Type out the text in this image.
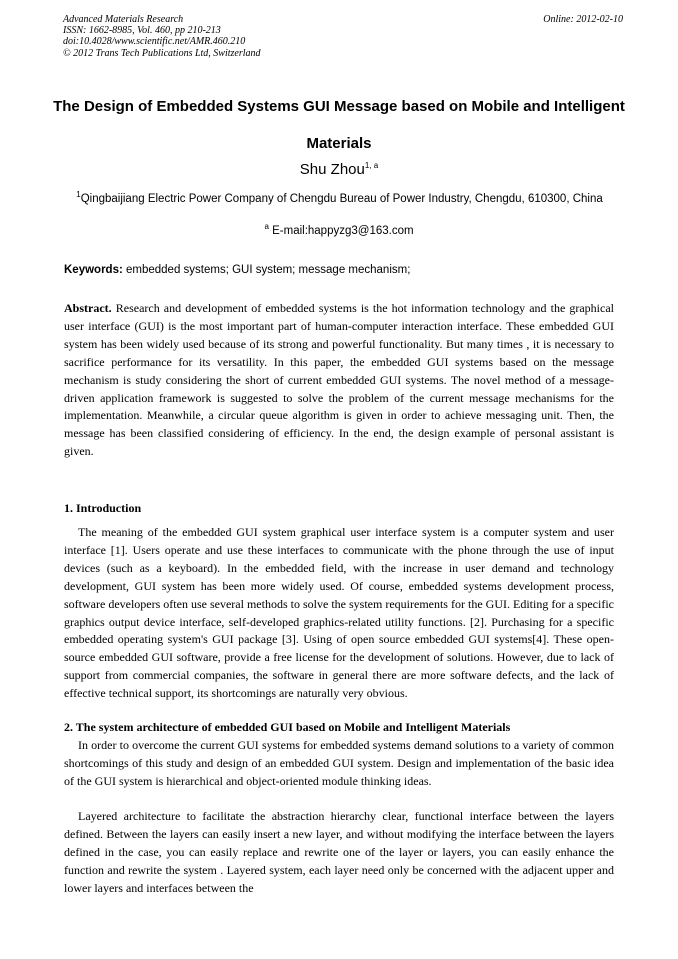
Advanced Materials Research
ISSN: 1662-8985, Vol. 460, pp 210-213
doi:10.4028/www.scientific.net/AMR.460.210
© 2012 Trans Tech Publications Ltd, Switzerland
Online: 2012-02-10
The Design of Embedded Systems GUI Message based on Mobile and Intelligent Materials
Shu Zhou$^{1, a}$
$^1$Qingbaijiang Electric Power Company of Chengdu Bureau of Power Industry, Chengdu, 610300, China
$^a$ E-mail:happyzg3@163.com
Keywords: embedded systems; GUI system; message mechanism;
Abstract. Research and development of embedded systems is the hot information technology and the graphical user interface (GUI) is the most important part of human-computer interaction interface. These embedded GUI system has been widely used because of its strong and powerful functionality. But many times , it is necessary to sacrifice performance for its versatility. In this paper, the embedded GUI systems based on the message mechanism is study considering the short of current embedded GUI systems. The novel method of a message-driven application framework is suggested to solve the problem of the current message mechanisms for the implementation. Meanwhile, a circular queue algorithm is given in order to achieve messaging unit. Then, the message has been classified considering of efficiency. In the end, the design example of personal assistant is given.
1. Introduction
The meaning of the embedded GUI system graphical user interface system is a computer system and user interface [1]. Users operate and use these interfaces to communicate with the phone through the use of input devices (such as a keyboard). In the embedded field, with the increase in user demand and technology development, GUI system has been more widely used. Of course, embedded systems development process, software developers often use several methods to solve the system requirements for the GUI. Editing for a specific graphics output device interface, self-developed graphics-related utility functions. [2]. Purchasing for a specific embedded operating system's GUI package [3]. Using of open source embedded GUI systems[4]. These open-source embedded GUI software, provide a free license for the development of solutions. However, due to lack of support from commercial companies, the software in general there are more software defects, and the lack of effective technical support, its shortcomings are naturally very obvious.
2. The system architecture of embedded GUI based on Mobile and Intelligent Materials
In order to overcome the current GUI systems for embedded systems demand solutions to a variety of common shortcomings of this study and design of an embedded GUI system. Design and implementation of the basic idea of the GUI system is hierarchical and object-oriented module thinking ideas.
Layered architecture to facilitate the abstraction hierarchy clear, functional interface between the layers defined. Between the layers can easily insert a new layer, and without modifying the interface between the layers defined in the case, you can easily replace and rewrite one of the layer or layers, you can easily enhance the function and rewrite the system . Layered system, each layer need only be concerned with the adjacent upper and lower layers and interfaces between the
